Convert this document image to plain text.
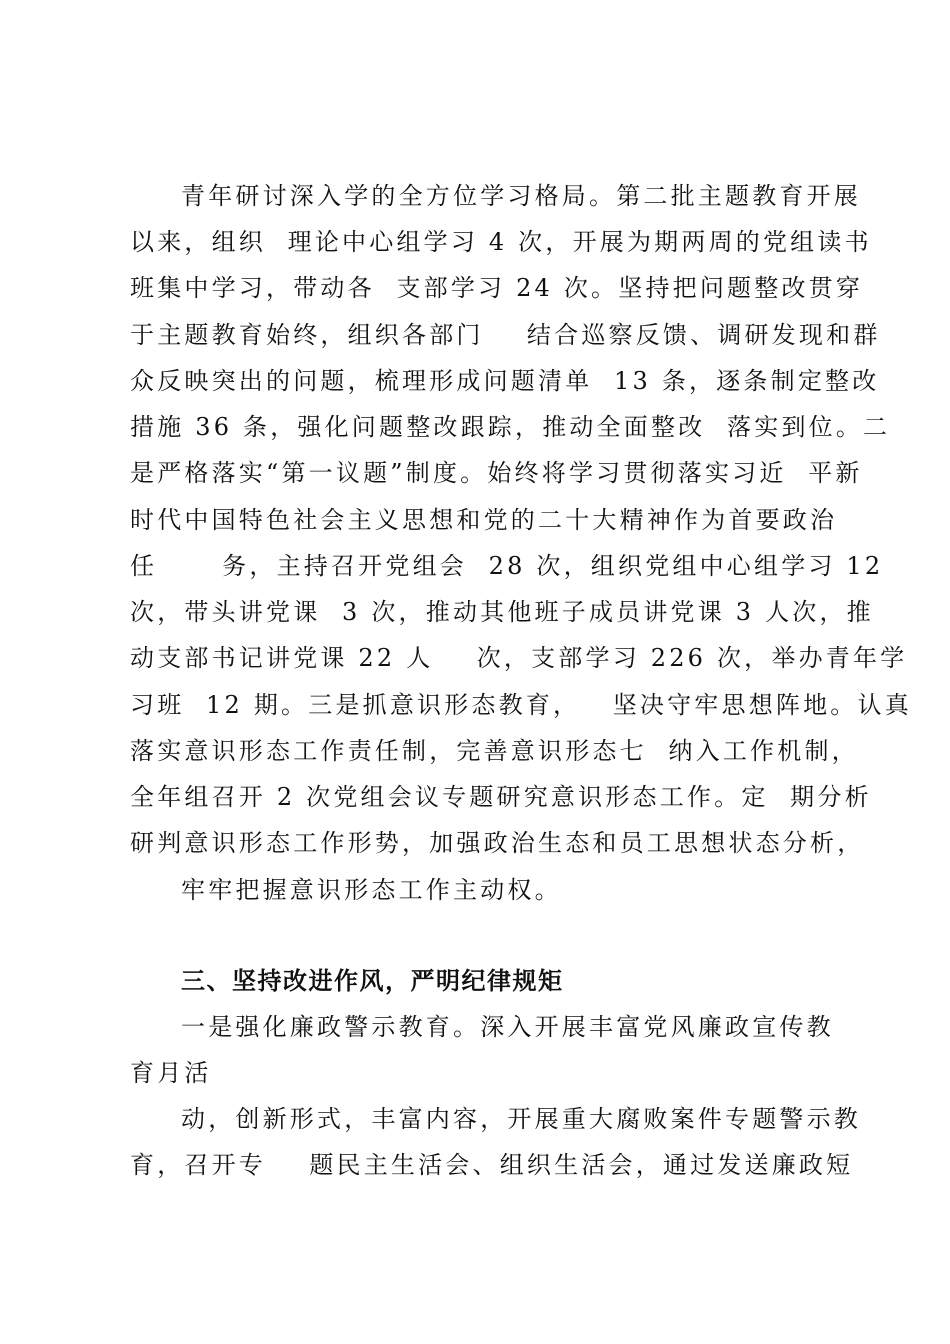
青年研讨深入学的全方位学习格局。第二批主题教育开展
以来，组织  理论中心组学习 4 次，开展为期两周的党组读书
班集中学习，带动各  支部学习 24 次。坚持把问题整改贯穿
于主题教育始终，组织各部门    结合巡察反馈、调研发现和群
众反映突出的问题，梳理形成问题清单  13 条，逐条制定整改
措施 36 条，强化问题整改跟踪，推动全面整改  落实到位。二
是严格落实“第一议题”制度。始终将学习贯彻落实习近  平新
时代中国特色社会主义思想和党的二十大精神作为首要政治
任      务，主持召开党组会  28 次，组织党组中心组学习 12
次，带头讲党课  3 次，推动其他班子成员讲党课 3 人次，推
动支部书记讲党课 22 人    次，支部学习 226 次，举办青年学
习班  12 期。三是抓意识形态教育，   坚决守牢思想阵地。认真
落实意识形态工作责任制，完善意识形态七  纳入工作机制，
全年组召开 2 次党组会议专题研究意识形态工作。定  期分析
研判意识形态工作形势，加强政治生态和员工思想状态分析，
牢牢把握意识形态工作主动权。
三、坚持改进作风，严明纪律规矩
一是强化廉政警示教育。深入开展丰富党风廉政宣传教
育月活
动，创新形式，丰富内容，开展重大腐败案件专题警示教
育，召开专    题民主生活会、组织生活会，通过发送廉政短
